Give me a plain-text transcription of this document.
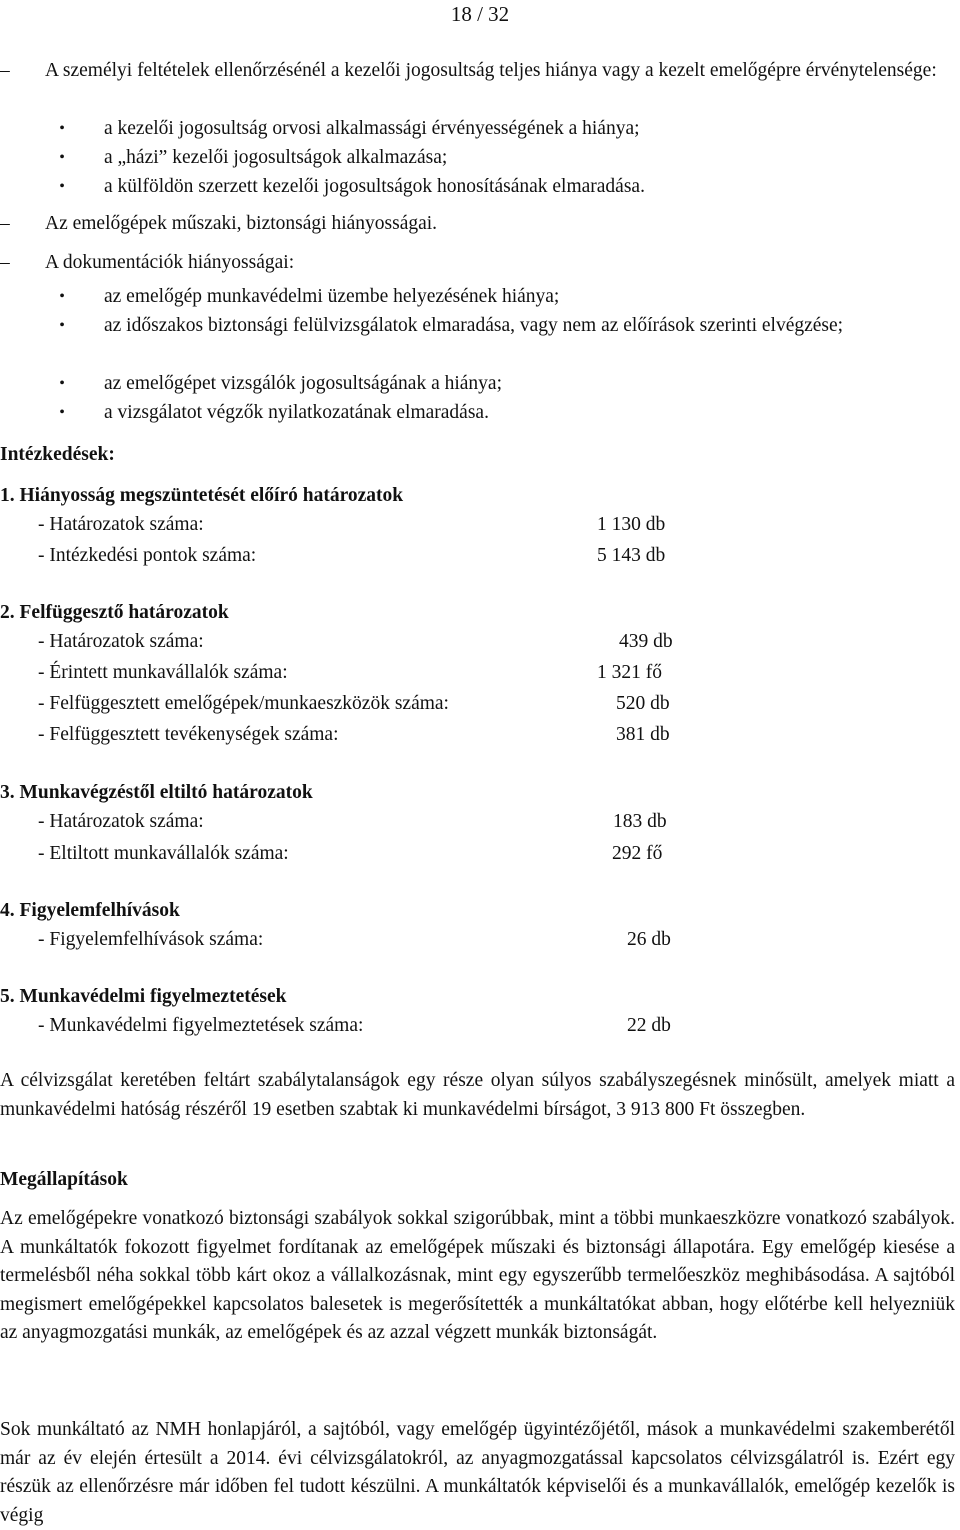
18 / 32
–	A személyi feltételek ellenőrzésénél a kezelői jogosultság teljes hiánya vagy a kezelt emelőgépre érvénytelensége:
•	a kezelői jogosultság orvosi alkalmassági érvényességének a hiánya;
•	a „házi” kezelői jogosultságok alkalmazása;
•	a külföldön szerzett kezelői jogosultságok honosításának elmaradása.
–	Az emelőgépek műszaki, biztonsági hiányosságai.
–	A dokumentációk hiányosságai:
•	az emelőgép munkavédelmi üzembe helyezésének hiánya;
•	az időszakos biztonsági felülvizsgálatok elmaradása, vagy nem az előírások szerinti elvégzése;
•	az emelőgépet vizsgálók jogosultságának a hiánya;
•	a vizsgálatot végzők nyilatkozatának elmaradása.
Intézkedések:
1. Hiányosság megszüntetését előíró határozatok
- Határozatok száma:	1 130 db
- Intézkedési pontok száma:	5 143 db
2. Felfüggesztő határozatok
- Határozatok száma:	439 db
- Érintett munkavállalók száma:	1 321 fő
- Felfüggesztett emelőgépek/munkaeszközök száma:	520 db
- Felfüggesztett tevékenységek száma:	381 db
3. Munkavégzéstől eltiltó határozatok
- Határozatok száma:	183 db
- Eltiltott munkavállalók száma:	292 fő
4. Figyelemfelhívások
- Figyelemfelhívások száma:	26 db
5. Munkavédelmi figyelmeztetések
- Munkavédelmi figyelmeztetések száma:	22 db
A célvizsgálat keretében feltárt szabálytalanságok egy része olyan súlyos szabályszegésnek minősült, amelyek miatt a munkavédelmi hatóság részéről 19 esetben szabtak ki munkavédelmi bírságot, 3 913 800 Ft összegben.
Megállapítások
Az emelőgépekre vonatkozó biztonsági szabályok sokkal szigorúbbak, mint a többi munkaeszközre vonatkozó szabályok. A munkáltatók fokozott figyelmet fordítanak az emelőgépek műszaki és biztonsági állapotára. Egy emelőgép kiesése a termelésből néha sokkal több kárt okoz a vállalkozásnak, mint egy egyszerűbb termelőeszköz meghibásodása. A sajtóból megismert emelőgépekkel kapcsolatos balesetek is megerősítették a munkáltatókat abban, hogy előtérbe kell helyezniük az anyagmozgatási munkák, az emelőgépek és az azzal végzett munkák biztonságát.
Sok munkáltató az NMH honlapjáról, a sajtóból, vagy emelőgép ügyintézőjétől, mások a munkavédelmi szakemberétől már az év elején értesült a 2014. évi célvizsgálatokról, az anyagmozgatással kapcsolatos célvizsgálatról is. Ezért egy részük az ellenőrzésre már időben fel tudott készülni. A munkáltatók képviselői és a munkavállalók, emelőgép kezelők is végig
